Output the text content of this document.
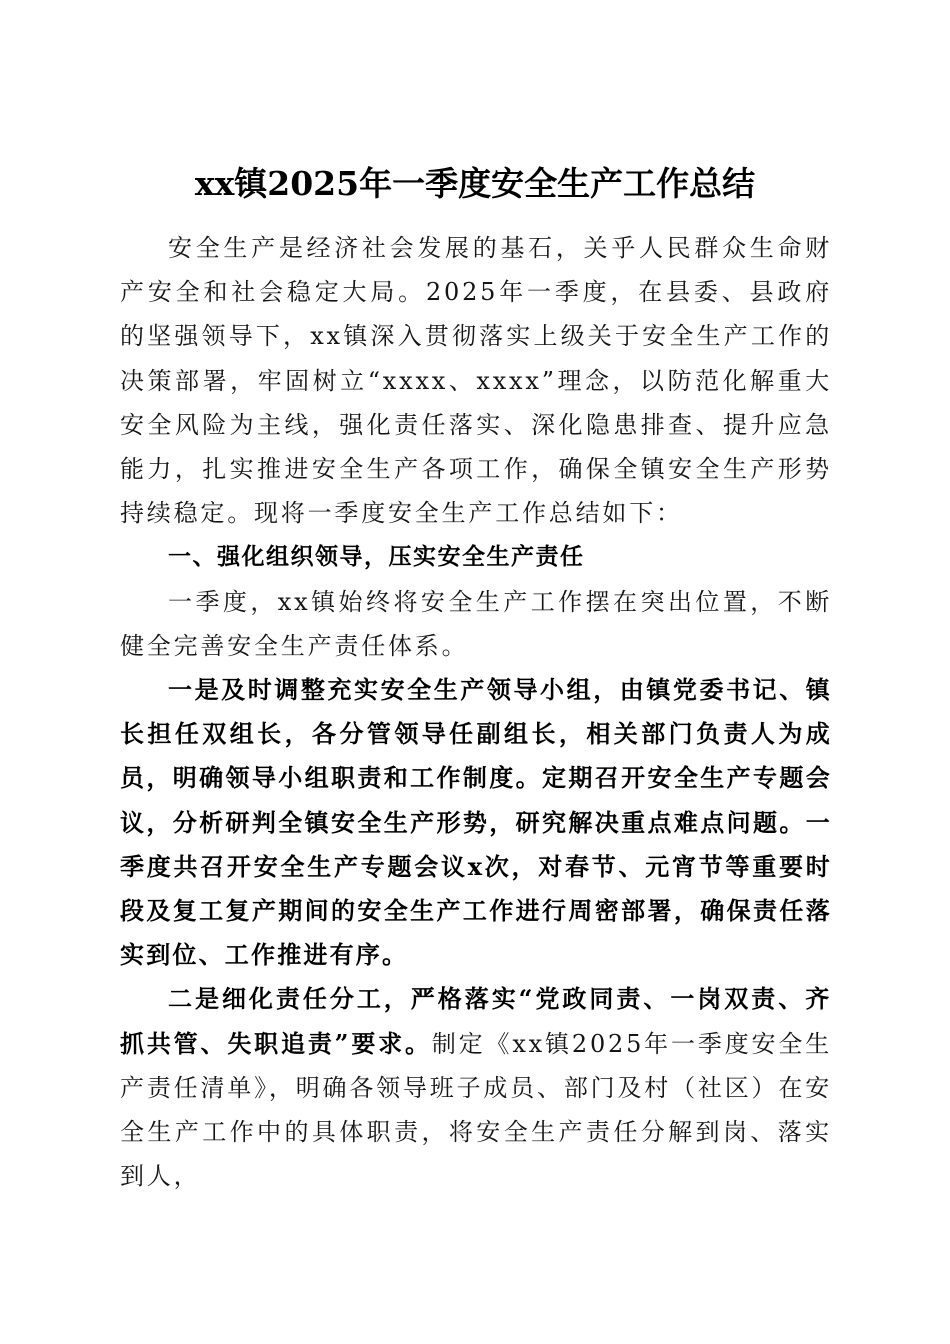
xx镇2025年一季度安全生产工作总结

安全生产是经济社会发展的基石，关乎人民群众生命财产安全和社会稳定大局。2025年一季度，在县委、县政府的坚强领导下，xx镇深入贯彻落实上级关于安全生产工作的决策部署，牢固树立“xxxx、xxxx”理念，以防范化解重大安全风险为主线，强化责任落实、深化隐患排查、提升应急能力，扎实推进安全生产各项工作，确保全镇安全生产形势持续稳定。现将一季度安全生产工作总结如下：

一、强化组织领导，压实安全生产责任

一季度，xx镇始终将安全生产工作摆在突出位置，不断健全完善安全生产责任体系。

一是及时调整充实安全生产领导小组，由镇党委书记、镇长担任双组长，各分管领导任副组长，相关部门负责人为成员，明确领导小组职责和工作制度。定期召开安全生产专题会议，分析研判全镇安全生产形势，研究解决重点难点问题。一季度共召开安全生产专题会议x次，对春节、元宵节等重要时段及复工复产期间的安全生产工作进行周密部署，确保责任落实到位、工作推进有序。

二是细化责任分工，严格落实“党政同责、一岗双责、齐抓共管、失职追责”要求。制定《xx镇2025年一季度安全生产责任清单》，明确各领导班子成员、部门及村（社区）在安全生产工作中的具体职责，将安全生产责任分解到岗、落实到人，
